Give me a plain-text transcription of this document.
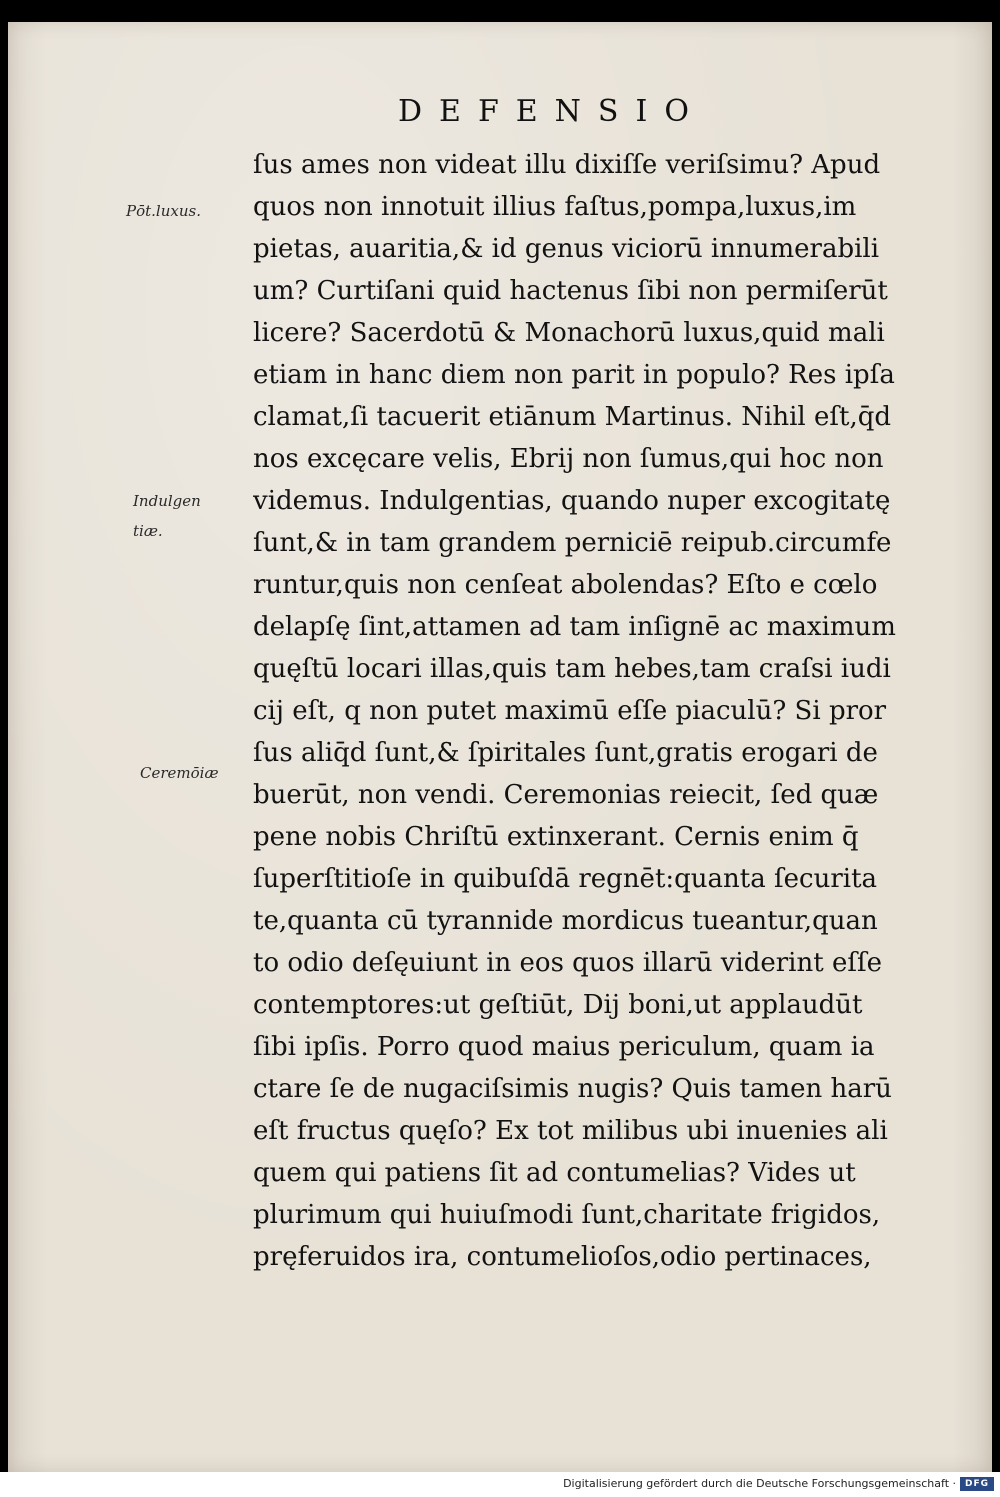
DEFENSIO
ſus ames non videat illu dixiſſe veriſsimu? Apud
quos non innotuit illius faſtus,pompa,luxus,im
pietas, auaritia,& id genus viciorū innumerabili
um? Curtiſani quid hactenus ſibi non permiſerūt
licere? Sacerdotū & Monachorū luxus,quid mali
etiam in hanc diem non parit in populo? Res ipſa
clamat,ſi tacuerit etiānum Martinus. Nihil eſt,q̄d
nos excęcare velis, Ebrij non ſumus,qui hoc non
videmus. Indulgentias, quando nuper excogitatę
ſunt,& in tam grandem perniciē reipub.circumfe
runtur,quis non cenſeat abolendas? Eſto e cœlo
delapſę ſint,attamen ad tam inſignē ac maximum
quęſtū locari illas,quis tam hebes,tam craſsi iudi
cij eſt, q non putet maximū eſſe piaculū? Si pror
ſus aliq̄d ſunt,& ſpiritales ſunt,gratis erogari de
buerūt, non vendi. Ceremonias reiecit, ſed quæ
pene nobis Chriſtū extinxerant. Cernis enim q̄
ſuperſtitioſe in quibuſdā regnēt:quanta ſecurita
te,quanta cū tyrannide mordicus tueantur,quan
to odio deſęuiunt in eos quos illarū viderint eſſe
contemptores:ut geſtiūt, Dij boni,ut applaudūt
ſibi ipſis. Porro quod maius periculum, quam ia
ctare ſe de nugaciſsimis nugis? Quis tamen harū
eſt fructus quęſo? Ex tot milibus ubi inuenies ali
quem qui patiens ſit ad contumelias? Vides ut
plurimum qui huiuſmodi ſunt,charitate frigidos,
pręferuidos ira, contumelioſos,odio pertinaces,
Pōt.luxus.
Indulgen
tiæ.
Ceremōiæ
Digitalisierung gefördert durch die Deutsche Forschungsgemeinschaft · DFG
